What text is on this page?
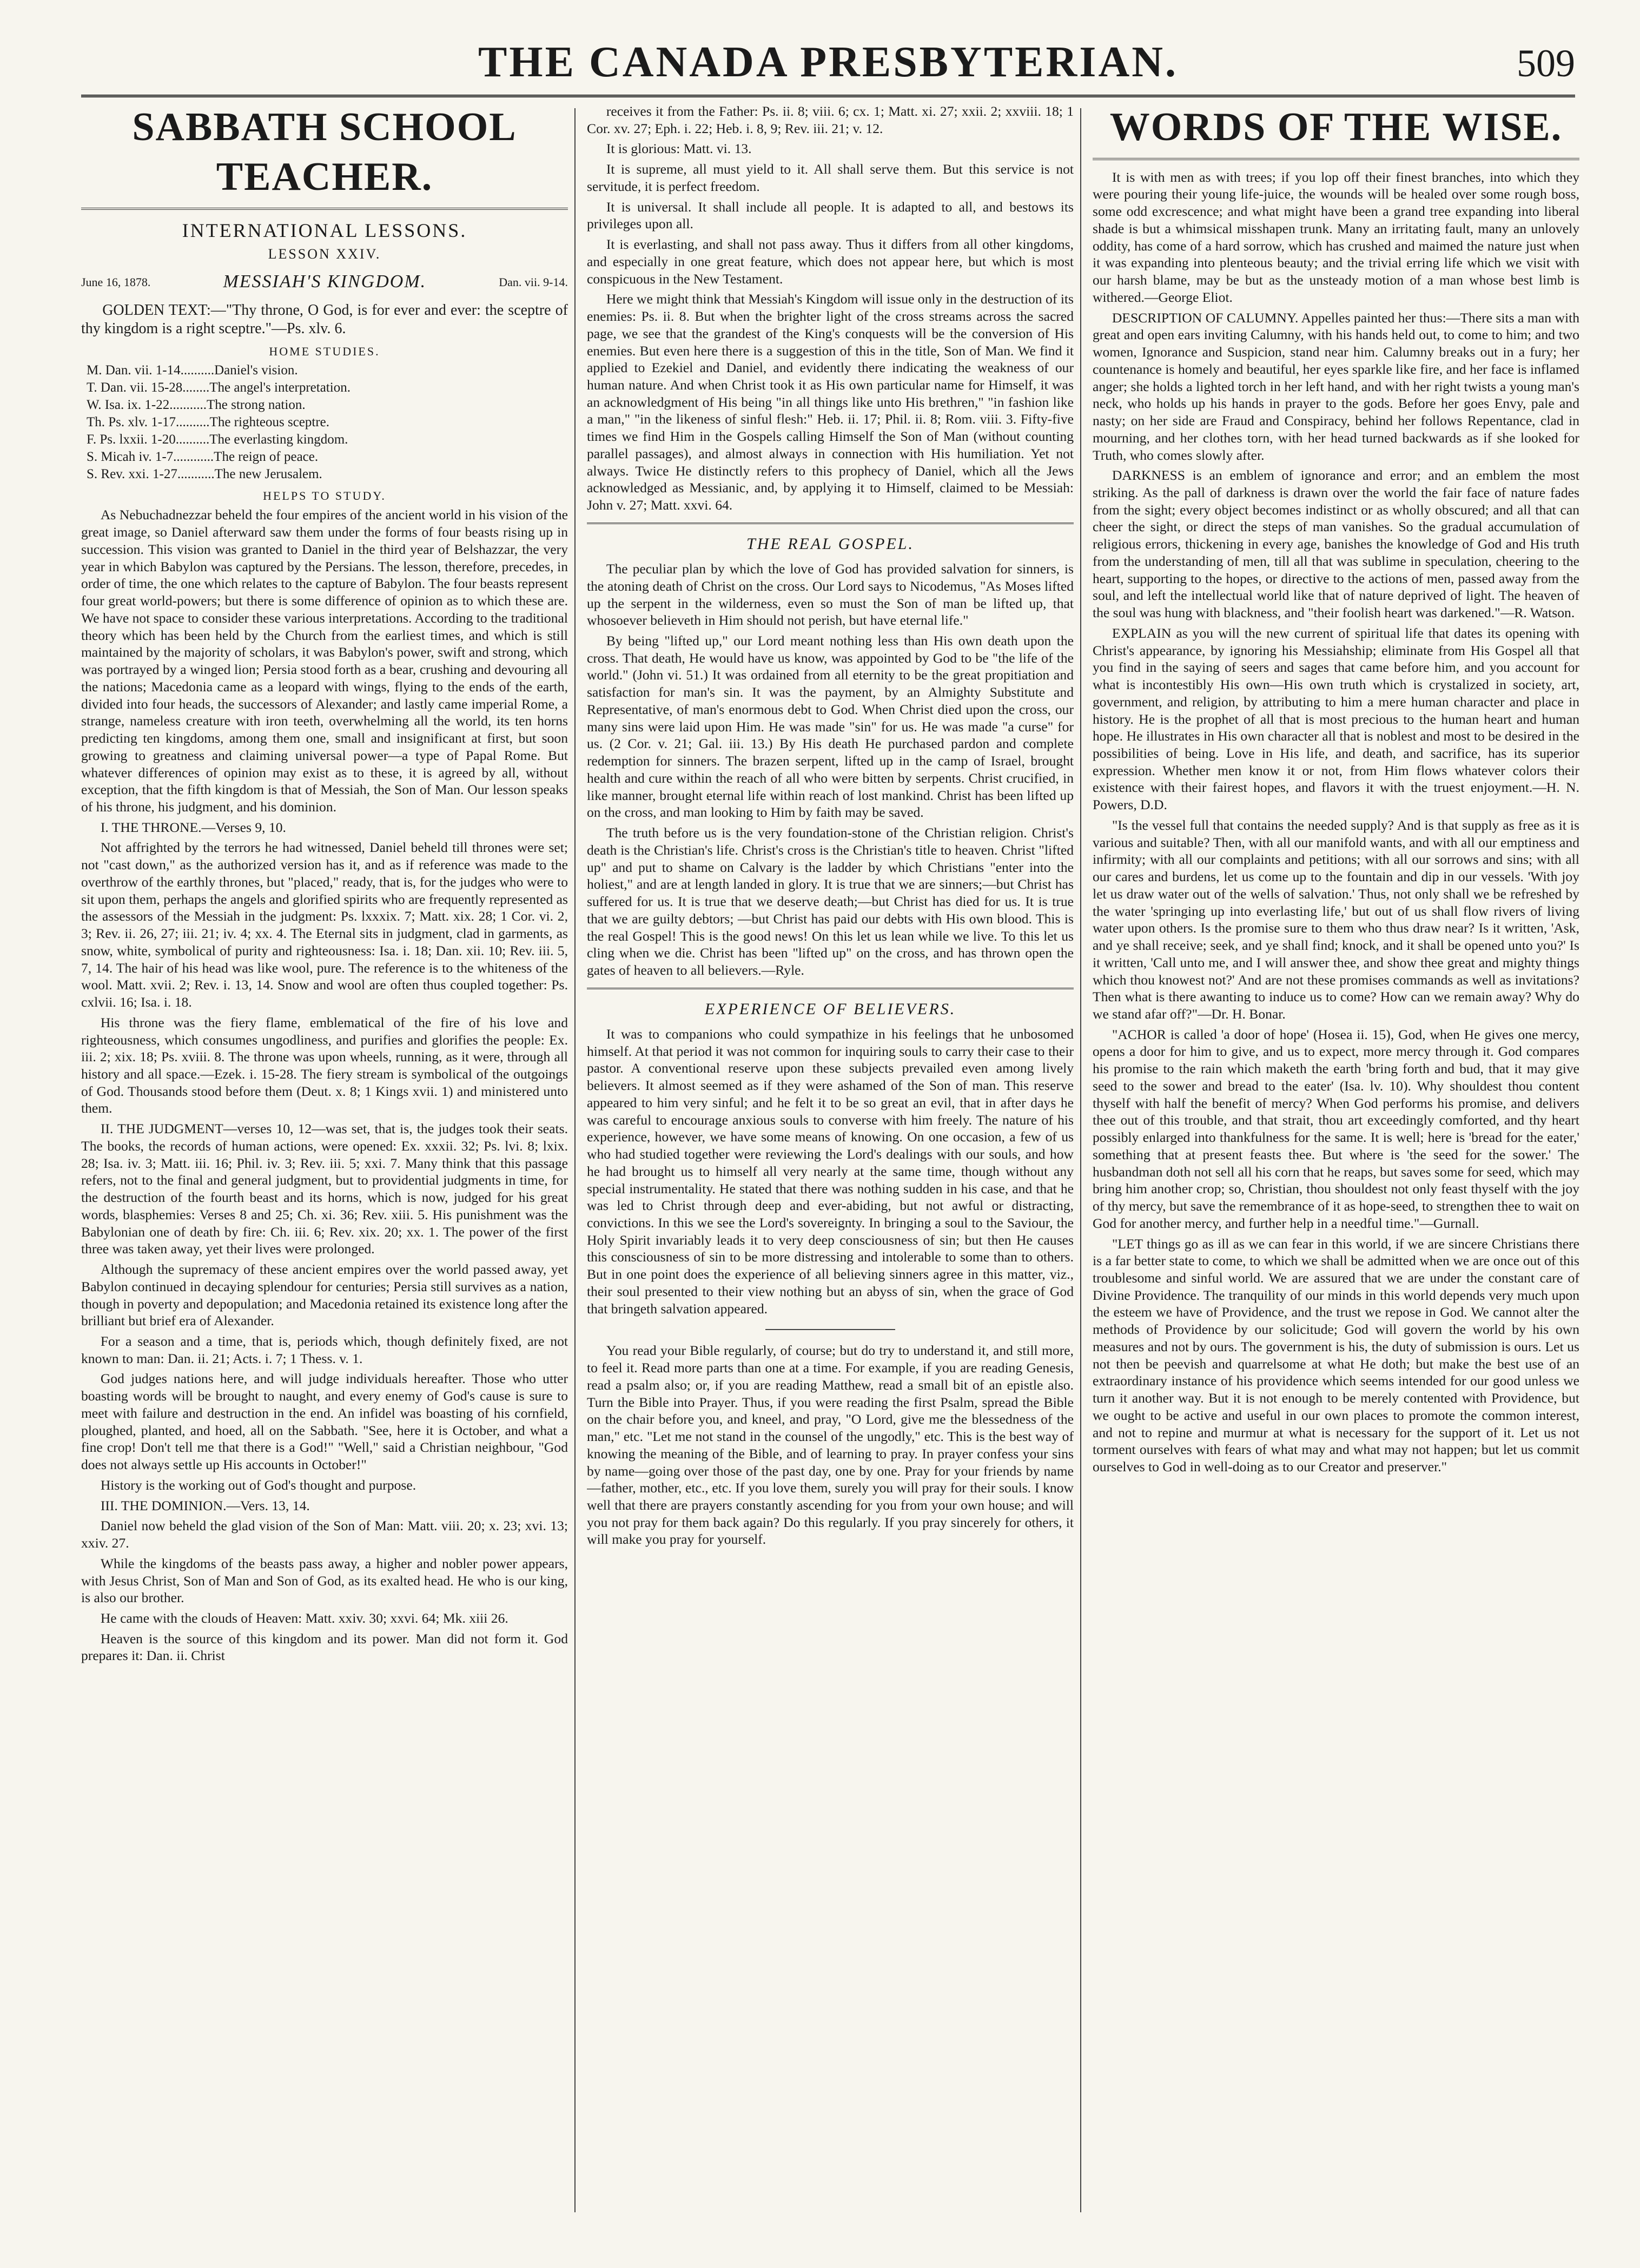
THE CANADA PRESBYTERIAN.	509
SABBATH SCHOOL TEACHER.
INTERNATIONAL LESSONS.
LESSON XXIV.
June 16, 1878.	MESSIAH'S KINGDOM.	Dan. vii. 9-14.

GOLDEN TEXT:—"Thy throne, O God, is for ever and ever: the sceptre of thy kingdom is a right sceptre."—Ps. xlv. 6.

HOME STUDIES.
M. Dan. vii. 1-14..........Daniel's vision.
T. Dan. vii. 15-28........The angel's interpretation.
W. Isa. ix. 1-22...........The strong nation.
Th. Ps. xlv. 1-17..........The righteous sceptre.
F. Ps. lxxii. 1-20..........The everlasting kingdom.
S. Micah iv. 1-7............The reign of peace.
S. Rev. xxi. 1-27...........The new Jerusalem.
HELPS TO STUDY.

As Nebuchadnezzar beheld the four empires of the ancient world in his vision of the great image, so Daniel afterward saw them under the forms of four beasts rising up in succession. This vision was granted to Daniel in the third year of Belshazzar, the very year in which Babylon was captured by the Persians. The lesson, therefore, precedes, in order of time, the one which relates to the capture of Babylon. The four beasts represent four great world-powers; but there is some difference of opinion as to which these are. We have not space to consider these various interpretations. According to the traditional theory which has been held by the Church from the earliest times, and which is still maintained by the majority of scholars, it was Babylon's power, swift and strong, which was portrayed by a winged lion; Persia stood forth as a bear, crushing and devouring all the nations; Macedonia came as a leopard with wings, flying to the ends of the earth, divided into four heads, the successors of Alexander; and lastly came imperial Rome, a strange, nameless creature with iron teeth, overwhelming all the world, its ten horns predicting ten kingdoms, among them one, small and insignificant at first, but soon growing to greatness and claiming universal power—a type of Papal Rome. But whatever differences of opinion may exist as to these, it is agreed by all, without exception, that the fifth kingdom is that of Messiah, the Son of Man. Our lesson speaks of his throne, his judgment, and his dominion.

I. THE THRONE.—Verses 9, 10.

Not affrighted by the terrors he had witnessed, Daniel beheld till thrones were set; not "cast down," as the authorized version has it, and as if reference was made to the overthrow of the earthly thrones, but "placed," ready, that is, for the judges who were to sit upon them, perhaps the angels and glorified spirits who are frequently represented as the assessors of the Messiah in the judgment: Ps. lxxxix. 7; Matt. xix. 28; 1 Cor. vi. 2, 3; Rev. ii. 26, 27; iii. 21; iv. 4; xx. 4. The Eternal sits in judgment, clad in garments, as snow, white, symbolical of purity and righteousness: Isa. i. 18; Dan. xii. 10; Rev. iii. 5, 7, 14. The hair of his head was like wool, pure. The reference is to the whiteness of the wool. Matt. xvii. 2; Rev. i. 13, 14. Snow and wool are often thus coupled together: Ps. cxlvii. 16; Isa. i. 18.

His throne was the fiery flame, emblematical of the fire of his love and righteousness, which consumes ungodliness, and purifies and glorifies the people: Ex. iii. 2; xix. 18; Ps. xviii. 8. The throne was upon wheels, running, as it were, through all history and all space.—Ezek. i. 15-28. The fiery stream is symbolical of the outgoings of God. Thousands stood before them (Deut. x. 8; 1 Kings xvii. 1) and ministered unto them.

II. THE JUDGMENT—verses 10, 12—was set, that is, the judges took their seats. The books, the records of human actions, were opened: Ex. xxxii. 32; Ps. lvi. 8; lxix. 28; Isa. iv. 3; Matt. iii. 16; Phil. iv. 3; Rev. iii. 5; xxi. 7. Many think that this passage refers, not to the final and general judgment, but to providential judgments in time, for the destruction of the fourth beast and its horns, which is now, judged for his great words, blasphemies: Verses 8 and 25; Ch. xi. 36; Rev. xiii. 5. His punishment was the Babylonian one of death by fire: Ch. iii. 6; Rev. xix. 20; xx. 1. The power of the first three was taken away, yet their lives were prolonged.

Although the supremacy of these ancient empires over the world passed away, yet Babylon continued in decaying splendour for centuries; Persia still survives as a nation, though in poverty and depopulation; and Macedonia retained its existence long after the brilliant but brief era of Alexander.

For a season and a time, that is, periods which, though definitely fixed, are not known to man: Dan. ii. 21; Acts. i. 7; 1 Thess. v. 1.

God judges nations here, and will judge individuals hereafter. Those who utter boasting words will be brought to naught, and every enemy of God's cause is sure to meet with failure and destruction in the end. An infidel was boasting of his cornfield, ploughed, planted, and hoed, all on the Sabbath. "See, here it is October, and what a fine crop! Don't tell me that there is a God!" "Well," said a Christian neighbour, "God does not always settle up His accounts in October!"

History is the working out of God's thought and purpose.

III. THE DOMINION.—Vers. 13, 14.

Daniel now beheld the glad vision of the Son of Man: Matt. viii. 20; x. 23; xvi. 13; xxiv. 27.

While the kingdoms of the beasts pass away, a higher and nobler power appears, with Jesus Christ, Son of Man and Son of God, as its exalted head. He who is our king, is also our brother.

He came with the clouds of Heaven: Matt. xxiv. 30; xxvi. 64; Mk. xiii 26.

Heaven is the source of this kingdom and its power. Man did not form it. God prepares it: Dan. ii. Christ

receives it from the Father: Ps. ii. 8; viii. 6; cx. 1; Matt. xi. 27; xxii. 2; xxviii. 18; 1 Cor. xv. 27; Eph. i. 22; Heb. i. 8, 9; Rev. iii. 21; v. 12.

It is glorious: Matt. vi. 13.

It is supreme, all must yield to it. All shall serve them. But this service is not servitude, it is perfect freedom.

It is universal. It shall include all people. It is adapted to all, and bestows its privileges upon all.

It is everlasting, and shall not pass away. Thus it differs from all other kingdoms, and especially in one great feature, which does not appear here, but which is most conspicuous in the New Testament.

Here we might think that Messiah's Kingdom will issue only in the destruction of its enemies: Ps. ii. 8. But when the brighter light of the cross streams across the sacred page, we see that the grandest of the King's conquests will be the conversion of His enemies. But even here there is a suggestion of this in the title, Son of Man. We find it applied to Ezekiel and Daniel, and evidently there indicating the weakness of our human nature. And when Christ took it as His own particular name for Himself, it was an acknowledgment of His being "in all things like unto His brethren," "in fashion like a man," "in the likeness of sinful flesh:" Heb. ii. 17; Phil. ii. 8; Rom. viii. 3. Fifty-five times we find Him in the Gospels calling Himself the Son of Man (without counting parallel passages), and almost always in connection with His humiliation. Yet not always. Twice He distinctly refers to this prophecy of Daniel, which all the Jews acknowledged as Messianic, and, by applying it to Himself, claimed to be Messiah: John v. 27; Matt. xxvi. 64.

THE REAL GOSPEL.

The peculiar plan by which the love of God has provided salvation for sinners, is the atoning death of Christ on the cross. Our Lord says to Nicodemus, "As Moses lifted up the serpent in the wilderness, even so must the Son of man be lifted up, that whosoever believeth in Him should not perish, but have eternal life."

By being "lifted up," our Lord meant nothing less than His own death upon the cross. That death, He would have us know, was appointed by God to be "the life of the world." (John vi. 51.) It was ordained from all eternity to be the great propitiation and satisfaction for man's sin. It was the payment, by an Almighty Substitute and Representative, of man's enormous debt to God. When Christ died upon the cross, our many sins were laid upon Him. He was made "sin" for us. He was made "a curse" for us. (2 Cor. v. 21; Gal. iii. 13.) By His death He purchased pardon and complete redemption for sinners. The brazen serpent, lifted up in the camp of Israel, brought health and cure within the reach of all who were bitten by serpents. Christ crucified, in like manner, brought eternal life within reach of lost mankind. Christ has been lifted up on the cross, and man looking to Him by faith may be saved.

The truth before us is the very foundation-stone of the Christian religion. Christ's death is the Christian's life. Christ's cross is the Christian's title to heaven. Christ "lifted up" and put to shame on Calvary is the ladder by which Christians "enter into the holiest," and are at length landed in glory. It is true that we are sinners;—but Christ has suffered for us. It is true that we deserve death;—but Christ has died for us. It is true that we are guilty debtors; —but Christ has paid our debts with His own blood. This is the real Gospel! This is the good news! On this let us lean while we live. To this let us cling when we die. Christ has been "lifted up" on the cross, and has thrown open the gates of heaven to all believers.—Ryle.

EXPERIENCE OF BELIEVERS.

It was to companions who could sympathize in his feelings that he unbosomed himself. At that period it was not common for inquiring souls to carry their case to their pastor. A conventional reserve upon these subjects prevailed even among lively believers. It almost seemed as if they were ashamed of the Son of man. This reserve appeared to him very sinful; and he felt it to be so great an evil, that in after days he was careful to encourage anxious souls to converse with him freely. The nature of his experience, however, we have some means of knowing. On one occasion, a few of us who had studied together were reviewing the Lord's dealings with our souls, and how he had brought us to himself all very nearly at the same time, though without any special instrumentality. He stated that there was nothing sudden in his case, and that he was led to Christ through deep and ever-abiding, but not awful or distracting, convictions. In this we see the Lord's sovereignty. In bringing a soul to the Saviour, the Holy Spirit invariably leads it to very deep consciousness of sin; but then He causes this consciousness of sin to be more distressing and intolerable to some than to others. But in one point does the experience of all believing sinners agree in this matter, viz., their soul presented to their view nothing but an abyss of sin, when the grace of God that bringeth salvation appeared.

You read your Bible regularly, of course; but do try to understand it, and still more, to feel it. Read more parts than one at a time. For example, if you are reading Genesis, read a psalm also; or, if you are reading Matthew, read a small bit of an epistle also. Turn the Bible into Prayer. Thus, if you were reading the first Psalm, spread the Bible on the chair before you, and kneel, and pray, "O Lord, give me the blessedness of the man," etc. "Let me not stand in the counsel of the ungodly," etc. This is the best way of knowing the meaning of the Bible, and of learning to pray. In prayer confess your sins by name—going over those of the past day, one by one. Pray for your friends by name—father, mother, etc., etc. If you love them, surely you will pray for their souls. I know well that there are prayers constantly ascending for you from your own house; and will you not pray for them back again? Do this regularly. If you pray sincerely for others, it will make you pray for yourself.

WORDS OF THE WISE.

It is with men as with trees; if you lop off their finest branches, into which they were pouring their young life-juice, the wounds will be healed over some rough boss, some odd excrescence; and what might have been a grand tree expanding into liberal shade is but a whimsical misshapen trunk. Many an irritating fault, many an unlovely oddity, has come of a hard sorrow, which has crushed and maimed the nature just when it was expanding into plenteous beauty; and the trivial erring life which we visit with our harsh blame, may be but as the unsteady motion of a man whose best limb is withered.—George Eliot.

DESCRIPTION OF CALUMNY. Appelles painted her thus:—There sits a man with great and open ears inviting Calumny, with his hands held out, to come to him; and two women, Ignorance and Suspicion, stand near him. Calumny breaks out in a fury; her countenance is homely and beautiful, her eyes sparkle like fire, and her face is inflamed anger; she holds a lighted torch in her left hand, and with her right twists a young man's neck, who holds up his hands in prayer to the gods. Before her goes Envy, pale and nasty; on her side are Fraud and Conspiracy, behind her follows Repentance, clad in mourning, and her clothes torn, with her head turned backwards as if she looked for Truth, who comes slowly after.

DARKNESS is an emblem of ignorance and error; and an emblem the most striking. As the pall of darkness is drawn over the world the fair face of nature fades from the sight; every object becomes indistinct or as wholly obscured; and all that can cheer the sight, or direct the steps of man vanishes. So the gradual accumulation of religious errors, thickening in every age, banishes the knowledge of God and His truth from the understanding of men, till all that was sublime in speculation, cheering to the heart, supporting to the hopes, or directive to the actions of men, passed away from the soul, and left the intellectual world like that of nature deprived of light. The heaven of the soul was hung with blackness, and "their foolish heart was darkened."—R. Watson.

EXPLAIN as you will the new current of spiritual life that dates its opening with Christ's appearance, by ignoring his Messiahship; eliminate from His Gospel all that you find in the saying of seers and sages that came before him, and you account for what is incontestibly His own—His own truth which is crystalized in society, art, government, and religion, by attributing to him a mere human character and place in history. He is the prophet of all that is most precious to the human heart and human hope. He illustrates in His own character all that is noblest and most to be desired in the possibilities of being. Love in His life, and death, and sacrifice, has its superior expression. Whether men know it or not, from Him flows whatever colors their existence with their fairest hopes, and flavors it with the truest enjoyment.—H. N. Powers, D.D.

"Is the vessel full that contains the needed supply? And is that supply as free as it is various and suitable? Then, with all our manifold wants, and with all our emptiness and infirmity; with all our complaints and petitions; with all our sorrows and sins; with all our cares and burdens, let us come up to the fountain and dip in our vessels. 'With joy let us draw water out of the wells of salvation.' Thus, not only shall we be refreshed by the water 'springing up into everlasting life,' but out of us shall flow rivers of living water upon others. Is the promise sure to them who thus draw near? Is it written, 'Ask, and ye shall receive; seek, and ye shall find; knock, and it shall be opened unto you?' Is it written, 'Call unto me, and I will answer thee, and show thee great and mighty things which thou knowest not?' And are not these promises commands as well as invitations? Then what is there awanting to induce us to come? How can we remain away? Why do we stand afar off?"—Dr. H. Bonar.

"ACHOR is called 'a door of hope' (Hosea ii. 15), God, when He gives one mercy, opens a door for him to give, and us to expect, more mercy through it. God compares his promise to the rain which maketh the earth 'bring forth and bud, that it may give seed to the sower and bread to the eater' (Isa. lv. 10). Why shouldest thou content thyself with half the benefit of mercy? When God performs his promise, and delivers thee out of this trouble, and that strait, thou art exceedingly comforted, and thy heart possibly enlarged into thankfulness for the same. It is well; here is 'bread for the eater,' something that at present feasts thee. But where is 'the seed for the sower.' The husbandman doth not sell all his corn that he reaps, but saves some for seed, which may bring him another crop; so, Christian, thou shouldest not only feast thyself with the joy of thy mercy, but save the remembrance of it as hope-seed, to strengthen thee to wait on God for another mercy, and further help in a needful time."—Gurnall.

"LET things go as ill as we can fear in this world, if we are sincere Christians there is a far better state to come, to which we shall be admitted when we are once out of this troublesome and sinful world. We are assured that we are under the constant care of Divine Providence. The tranquility of our minds in this world depends very much upon the esteem we have of Providence, and the trust we repose in God. We cannot alter the methods of Providence by our solicitude; God will govern the world by his own measures and not by ours. The government is his, the duty of submission is ours. Let us not then be peevish and quarrelsome at what He doth; but make the best use of an extraordinary instance of his providence which seems intended for our good unless we turn it another way. But it is not enough to be merely contented with Providence, but we ought to be active and useful in our own places to promote the common interest, and not to repine and murmur at what is necessary for the support of it. Let us not torment ourselves with fears of what may and what may not happen; but let us commit ourselves to God in well-doing as to our Creator and preserver."
